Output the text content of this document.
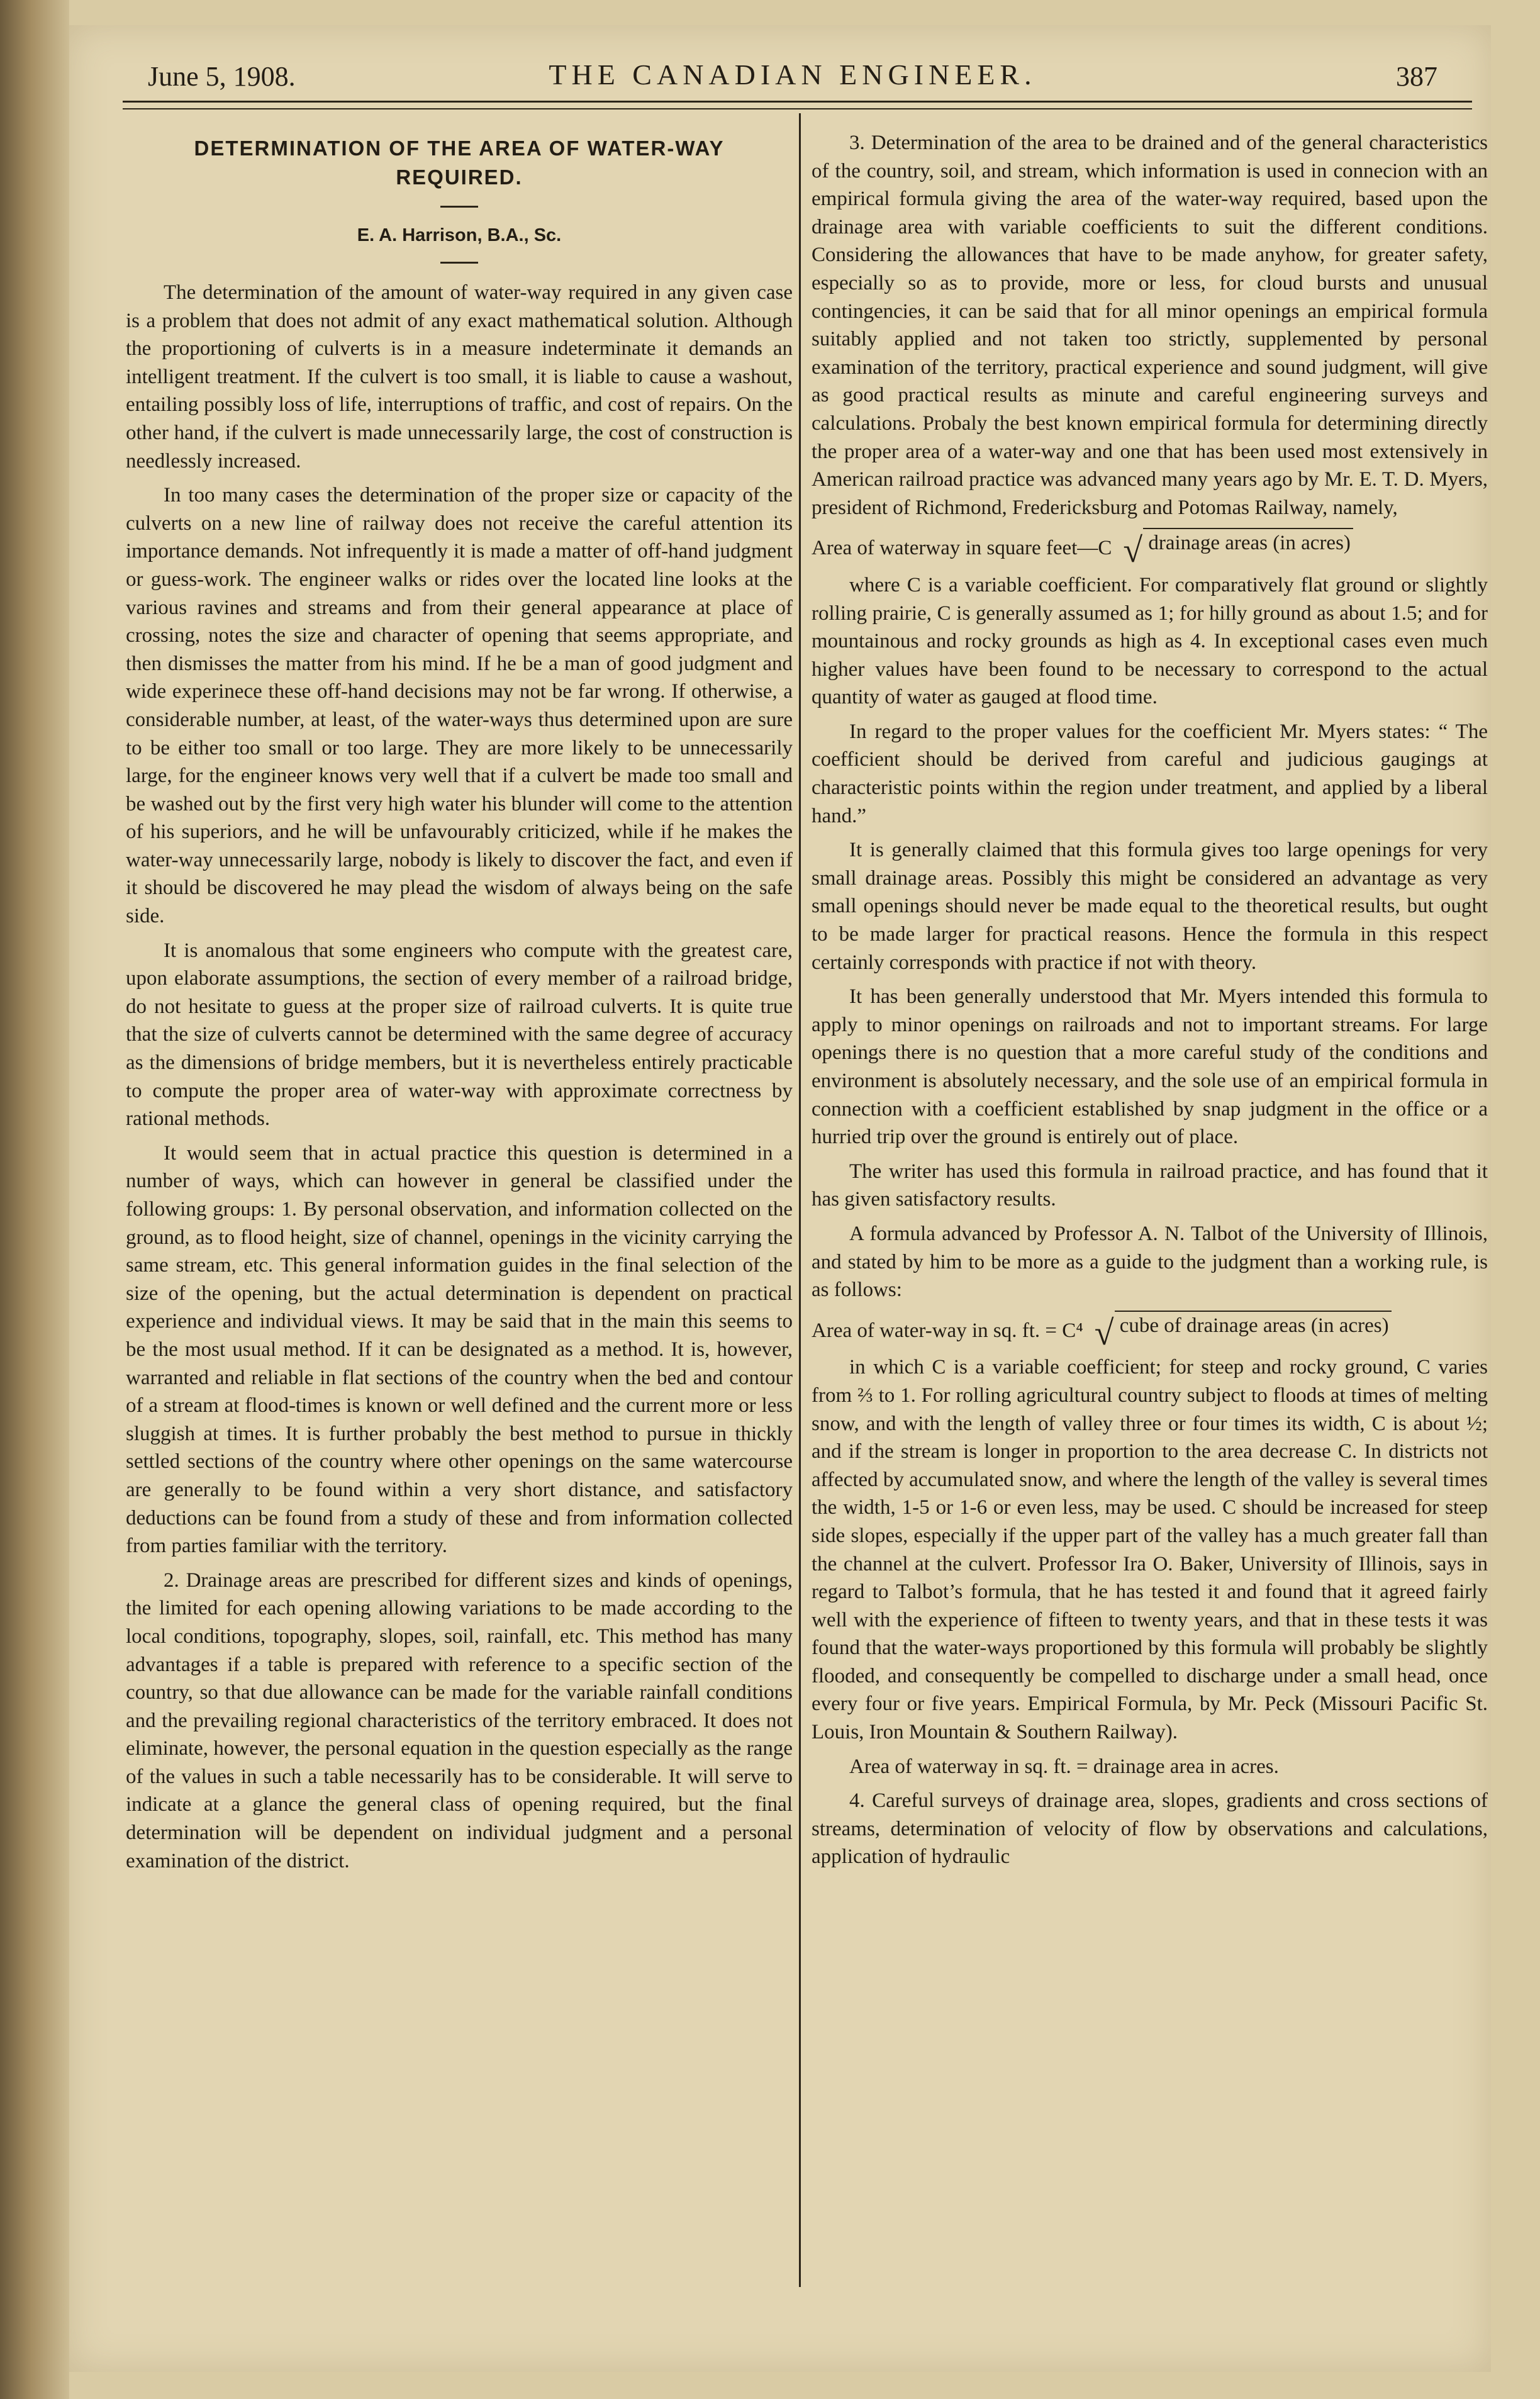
June 5, 1908.	THE CANADIAN ENGINEER.	387
DETERMINATION OF THE AREA OF WATER-WAY REQUIRED.
E. A. Harrison, B.A., Sc.

The determination of the amount of water-way required in any given case is a problem that does not admit of any exact mathematical solution. Although the proportioning of culverts is in a measure indeterminate it demands an intelligent treatment. If the culvert is too small, it is liable to cause a washout, entailing possibly loss of life, interruptions of traffic, and cost of repairs. On the other hand, if the culvert is made unnecessarily large, the cost of construction is needlessly increased.

In too many cases the determination of the proper size or capacity of the culverts on a new line of railway does not receive the careful attention its importance demands. Not infrequently it is made a matter of off-hand judgment or guess-work. The engineer walks or rides over the located line looks at the various ravines and streams and from their general appearance at place of crossing, notes the size and character of opening that seems appropriate, and then dismisses the matter from his mind. If he be a man of good judgment and wide experinece these off-hand decisions may not be far wrong. If otherwise, a considerable number, at least, of the water-ways thus determined upon are sure to be either too small or too large. They are more likely to be unnecessarily large, for the engineer knows very well that if a culvert be made too small and be washed out by the first very high water his blunder will come to the attention of his superiors, and he will be unfavourably criticized, while if he makes the water-way unnecessarily large, nobody is likely to discover the fact, and even if it should be discovered he may plead the wisdom of always being on the safe side.

It is anomalous that some engineers who compute with the greatest care, upon elaborate assumptions, the section of every member of a railroad bridge, do not hesitate to guess at the proper size of railroad culverts. It is quite true that the size of culverts cannot be determined with the same degree of accuracy as the dimensions of bridge members, but it is nevertheless entirely practicable to compute the proper area of water-way with approximate correctness by rational methods.

It would seem that in actual practice this question is determined in a number of ways, which can however in general be classified under the following groups: 1. By personal observation, and information collected on the ground, as to flood height, size of channel, openings in the vicinity carrying the same stream, etc. This general information guides in the final selection of the size of the opening, but the actual determination is dependent on practical experience and individual views. It may be said that in the main this seems to be the most usual method. If it can be designated as a method. It is, however, warranted and reliable in flat sections of the country when the bed and contour of a stream at flood-times is known or well defined and the current more or less sluggish at times. It is further probably the best method to pursue in thickly settled sections of the country where other openings on the same watercourse are generally to be found within a very short distance, and satisfactory deductions can be found from a study of these and from information collected from parties familiar with the territory.

2. Drainage areas are prescribed for different sizes and kinds of openings, the limited for each opening allowing variations to be made according to the local conditions, topography, slopes, soil, rainfall, etc. This method has many advantages if a table is prepared with reference to a specific section of the country, so that due allowance can be made for the variable rainfall conditions and the prevailing regional characteristics of the territory embraced. It does not eliminate, however, the personal equation in the question especially as the range of the values in such a table necessarily has to be considerable. It will serve to indicate at a glance the general class of opening required, but the final determination will be dependent on individual judgment and a personal examination of the district.

3. Determination of the area to be drained and of the general characteristics of the country, soil, and stream, which information is used in connecion with an empirical formula giving the area of the water-way required, based upon the drainage area with variable coefficients to suit the different conditions. Considering the allowances that have to be made anyhow, for greater safety, especially so as to provide, more or less, for cloud bursts and unusual contingencies, it can be said that for all minor openings an empirical formula suitably applied and not taken too strictly, supplemented by personal examination of the territory, practical experience and sound judgment, will give as good practical results as minute and careful engineering surveys and calculations. Probaly the best known empirical formula for determining directly the proper area of a water-way and one that has been used most extensively in American railroad practice was advanced many years ago by Mr. E. T. D. Myers, president of Richmond, Fredericksburg and Potomas Railway, namely,

Area of waterway in square feet—C √ drainage areas (in acres)

where C is a variable coefficient. For comparatively flat ground or slightly rolling prairie, C is generally assumed as 1; for hilly ground as about 1.5; and for mountainous and rocky grounds as high as 4. In exceptional cases even much higher values have been found to be necessary to correspond to the actual quantity of water as gauged at flood time.

In regard to the proper values for the coefficient Mr. Myers states: “ The coefficient should be derived from careful and judicious gaugings at characteristic points within the region under treatment, and applied by a liberal hand.”

It is generally claimed that this formula gives too large openings for very small drainage areas. Possibly this might be considered an advantage as very small openings should never be made equal to the theoretical results, but ought to be made larger for practical reasons. Hence the formula in this respect certainly corresponds with practice if not with theory.

It has been generally understood that Mr. Myers intended this formula to apply to minor openings on railroads and not to important streams. For large openings there is no question that a more careful study of the conditions and environment is absolutely necessary, and the sole use of an empirical formula in connection with a coefficient established by snap judgment in the office or a hurried trip over the ground is entirely out of place.

The writer has used this formula in railroad practice, and has found that it has given satisfactory results.

A formula advanced by Professor A. N. Talbot of the University of Illinois, and stated by him to be more as a guide to the judgment than a working rule, is as follows:

Area of water-way in sq. ft. = C⁴ √ cube of drainage areas (in acres)

in which C is a variable coefficient; for steep and rocky ground, C varies from ⅔ to 1. For rolling agricultural country subject to floods at times of melting snow, and with the length of valley three or four times its width, C is about ½; and if the stream is longer in proportion to the area decrease C. In districts not affected by accumulated snow, and where the length of the valley is several times the width, 1-5 or 1-6 or even less, may be used. C should be increased for steep side slopes, especially if the upper part of the valley has a much greater fall than the channel at the culvert. Professor Ira O. Baker, University of Illinois, says in regard to Talbot’s formula, that he has tested it and found that it agreed fairly well with the experience of fifteen to twenty years, and that in these tests it was found that the water-ways proportioned by this formula will probably be slightly flooded, and consequently be compelled to discharge under a small head, once every four or five years. Empirical Formula, by Mr. Peck (Missouri Pacific St. Louis, Iron Mountain & Southern Railway).

Area of waterway in sq. ft. = drainage area in acres.

4. Careful surveys of drainage area, slopes, gradients and cross sections of streams, determination of velocity of flow by observations and calculations, application of hydraulic
